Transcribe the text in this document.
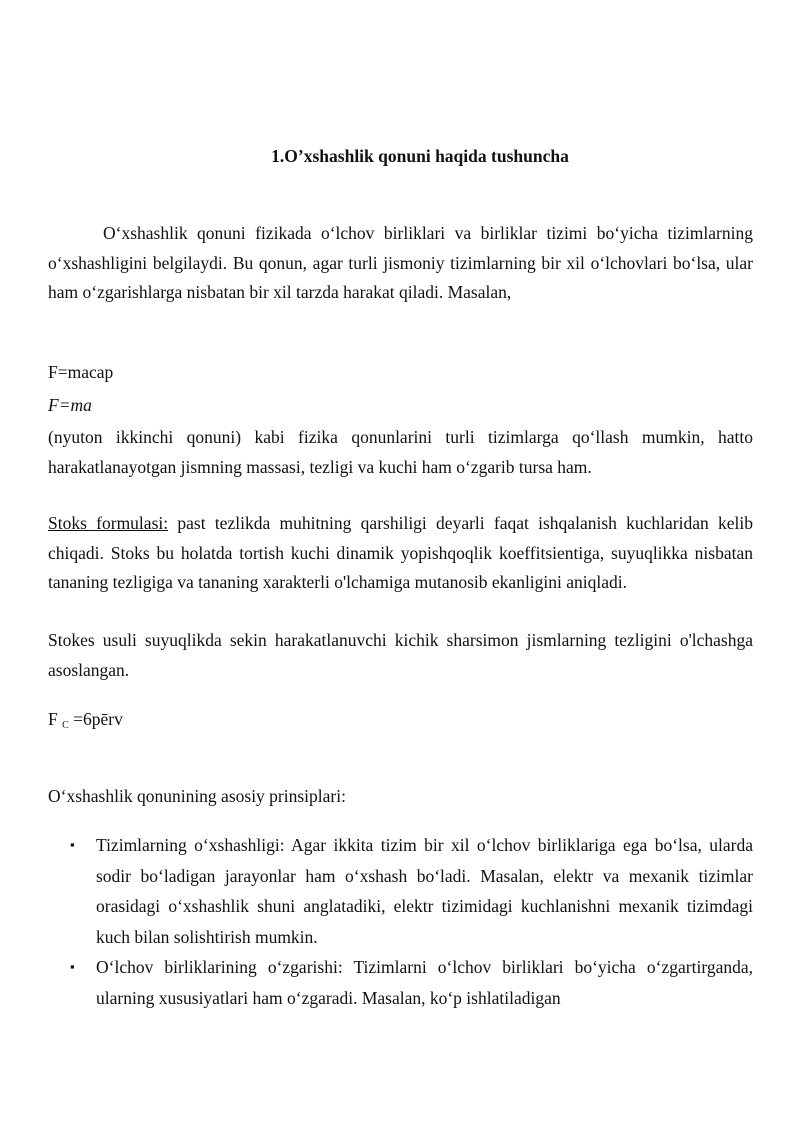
1.O’xshashlik qonuni haqida tushuncha
O‘xshashlik qonuni fizikada o‘lchov birliklari va birliklar tizimi bo‘yicha tizimlarning o‘xshashligini belgilaydi. Bu qonun, agar turli jismoniy tizimlarning bir xil o‘lchovlari bo‘lsa, ular ham o‘zgarishlarga nisbatan bir xil tarzda harakat qiladi. Masalan,
F=macap
F=ma
(nyuton ikkinchi qonuni) kabi fizika qonunlarini turli tizimlarga qo‘llash mumkin, hatto harakatlanayotgan jismning massasi, tezligi va kuchi ham o‘zgarib tursa ham.
Stoks formulasi: past tezlikda muhitning qarshiligi deyarli faqat ishqalanish kuchlaridan kelib chiqadi. Stoks bu holatda tortish kuchi dinamik yopishqoqlik koeffitsientiga, suyuqlikka nisbatan tananing tezligiga va tananing xarakterli o'lchamiga mutanosib ekanligini aniqladi.
Stokes usuli suyuqlikda sekin harakatlanuvchi kichik sharsimon jismlarning tezligini o'lchashga asoslangan.
F $_C$ =6pērv
O‘xshashlik qonunining asosiy prinsiplari:
▪ Tizimlarning o‘xshashligi: Agar ikkita tizim bir xil o‘lchov birliklariga ega bo‘lsa, ularda sodir bo‘ladigan jarayonlar ham o‘xshash bo‘ladi. Masalan, elektr va mexanik tizimlar orasidagi o‘xshashlik shuni anglatadiki, elektr tizimidagi kuchlanishni mexanik tizimdagi kuch bilan solishtirish mumkin.
▪ O‘lchov birliklarining o‘zgarishi: Tizimlarni o‘lchov birliklari bo‘yicha o‘zgartirganda, ularning xususiyatlari ham o‘zgaradi. Masalan, ko‘p ishlatiladigan
